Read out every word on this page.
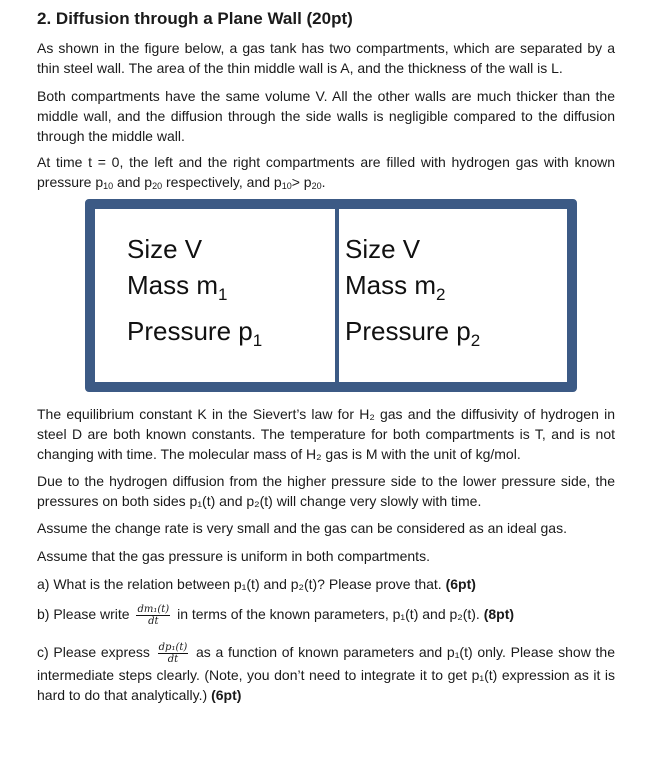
2. Diffusion through a Plane Wall (20pt)

As shown in the figure below, a gas tank has two compartments, which are separated by a thin steel wall. The area of the thin middle wall is A, and the thickness of the wall is L.

Both compartments have the same volume V. All the other walls are much thicker than the middle wall, and the diffusion through the side walls is negligible compared to the diffusion through the middle wall.

At time t = 0, the left and the right compartments are filled with hydrogen gas with known pressure $p_{10}$ and $p_{20}$ respectively, and $p_{10}> p_{20}$.

Size V
Mass $m_1$
Pressure $p_1$
Size V
Mass $m_2$
Pressure $p_2$

The equilibrium constant K in the Sievert’s law for H₂ gas and the diffusivity of hydrogen in steel D are both known constants. The temperature for both compartments is T, and is not changing with time. The molecular mass of H₂ gas is M with the unit of kg/mol.

Due to the hydrogen diffusion from the higher pressure side to the lower pressure side, the pressures on both sides p₁(t) and p₂(t) will change very slowly with time.

Assume the change rate is very small and the gas can be considered as an ideal gas.

Assume that the gas pressure is uniform in both compartments.

a) What is the relation between p₁(t) and p₂(t)? Please prove that. (6pt)

b) Please write $\frac{\text{dm₁(t)}}{dt}$ in terms of the known parameters, p₁(t) and p₂(t). (8pt)

c) Please express $\frac{\text{dp₁(t)}}{dt}$ as a function of known parameters and p₁(t) only. Please show the intermediate steps clearly. (Note, you don’t need to integrate it to get p₁(t) expression as it is hard to do that analytically.) (6pt)
